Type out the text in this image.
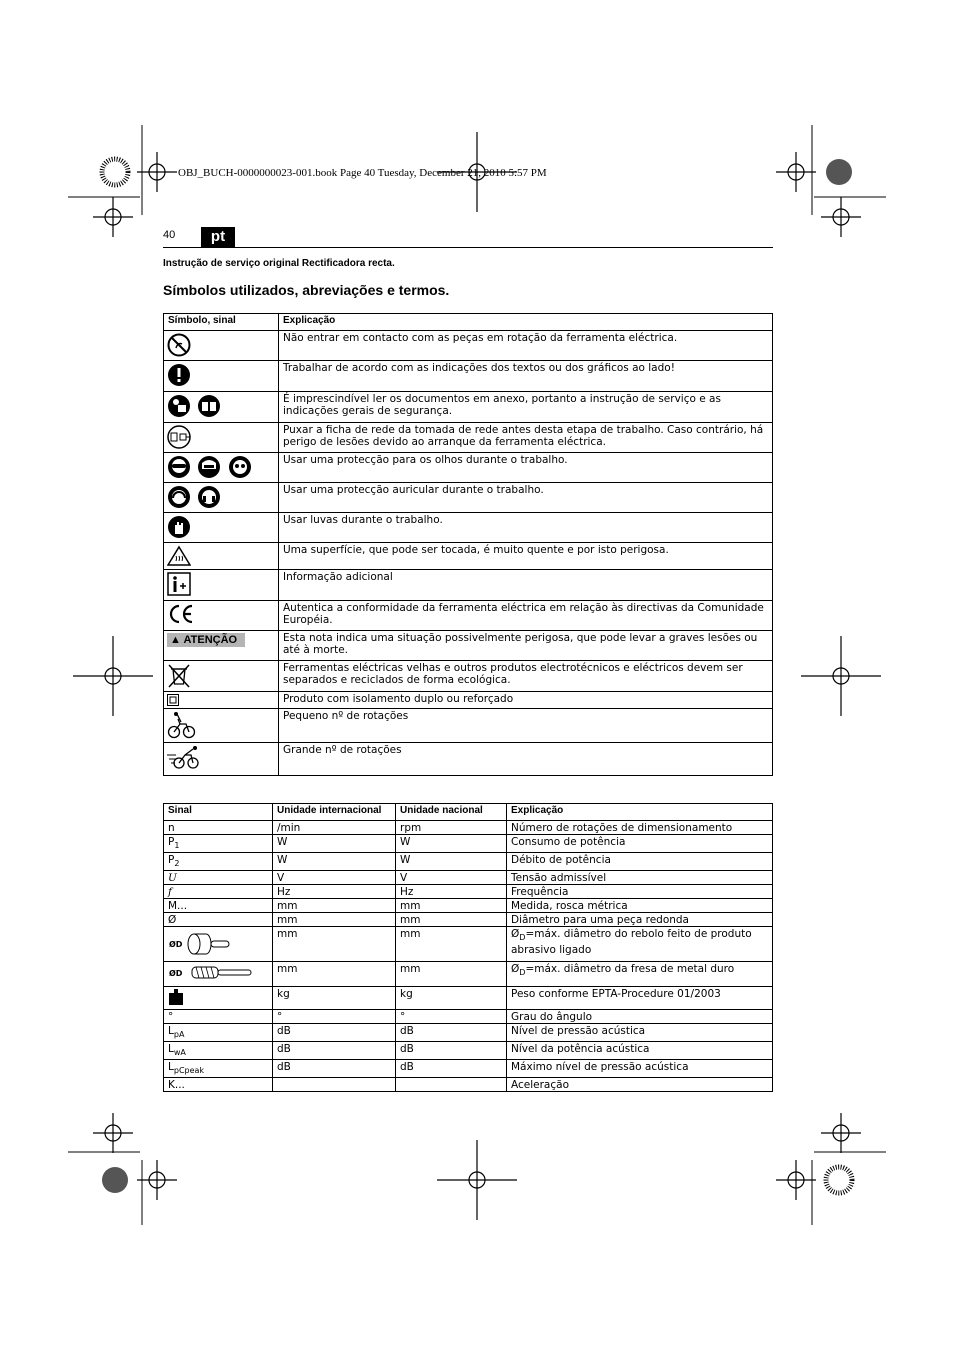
OBJ_BUCH-0000000023-001.book Page 40 Tuesday, December 21, 2010 5:57 PM
40	pt
Instrução de serviço original Rectificadora recta.
Símbolos utilizados, abreviações e termos.
Símbolo, sinal	Explicação
	Não entrar em contacto com as peças em rotação da ferramenta eléctrica.
	Trabalhar de acordo com as indicações dos textos ou dos gráficos ao lado!
	É imprescindível ler os documentos em anexo, portanto a instrução de serviço e as indicações gerais de segurança.
	Puxar a ficha de rede da tomada de rede antes desta etapa de trabalho. Caso contrário, há perigo de lesões devido ao arranque da ferramenta eléctrica.
	Usar uma protecção para os olhos durante o trabalho.
	Usar uma protecção auricular durante o trabalho.
	Usar luvas durante o trabalho.
	Uma superfície, que pode ser tocada, é muito quente e por isto perigosa.
	Informação adicional
	Autentica a conformidade da ferramenta eléctrica em relação às directivas da Comunidade Européia.
▲ ATENÇÃO	Esta nota indica uma situação possivelmente perigosa, que pode levar a graves lesões ou até à morte.
	Ferramentas eléctricas velhas e outros produtos electrotécnicos e eléctricos devem ser separados e reciclados de forma ecológica.
	Produto com isolamento duplo ou reforçado
	Pequeno nº de rotações
	Grande nº de rotações
Sinal	Unidade internacional	Unidade nacional	Explicação
n	/min	rpm	Número de rotações de dimensionamento
$P_1$	W	W	Consumo de potência
$P_2$	W	W	Débito de potência
U	V	V	Tensão admissível
f	Hz	Hz	Frequência
M...	mm	mm	Medida, rosca métrica
Ø	mm	mm	Diâmetro para uma peça redonda

ØD	mm	mm	$Ø_D=máx$. diâmetro do rebolo feito de produto abrasivo ligado

ØD	mm	mm	$Ø_D=máx$. diâmetro da fresa de metal duro
	kg	kg	Peso conforme EPTA-Procedure 01/2003
°	°	°	Grau do ângulo
$L_{pA}$	dB	dB	Nível de pressão acústica
$L_{wA}$	dB	dB	Nível da potência acústica
$L_{pCpeak}$	dB	dB	Máximo nível de pressão acústica
K...			Aceleração
